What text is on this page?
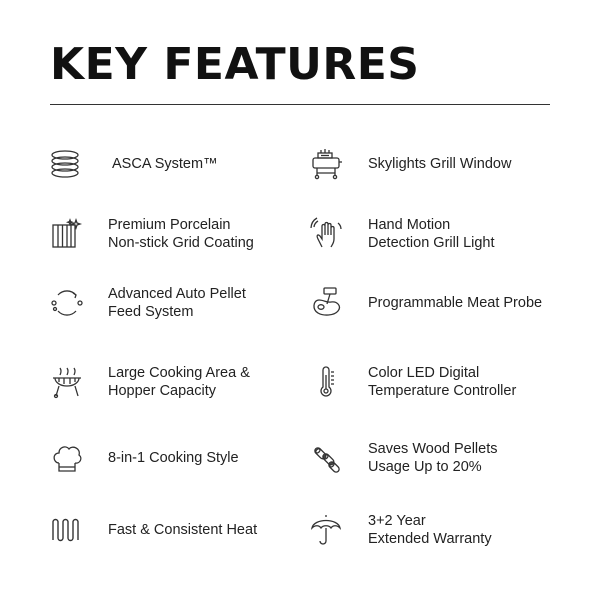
KEY FEATURES
ASCA System™
Premium Porcelain
Non-stick Grid Coating
Advanced Auto Pellet
Feed System
Large Cooking Area &
Hopper Capacity
8-in-1 Cooking Style
Fast & Consistent Heat
Skylights Grill Window
Hand Motion
Detection Grill Light
Programmable Meat Probe
Color LED Digital
Temperature Controller
Saves Wood Pellets
Usage Up to 20%
3+2 Year
Extended Warranty
